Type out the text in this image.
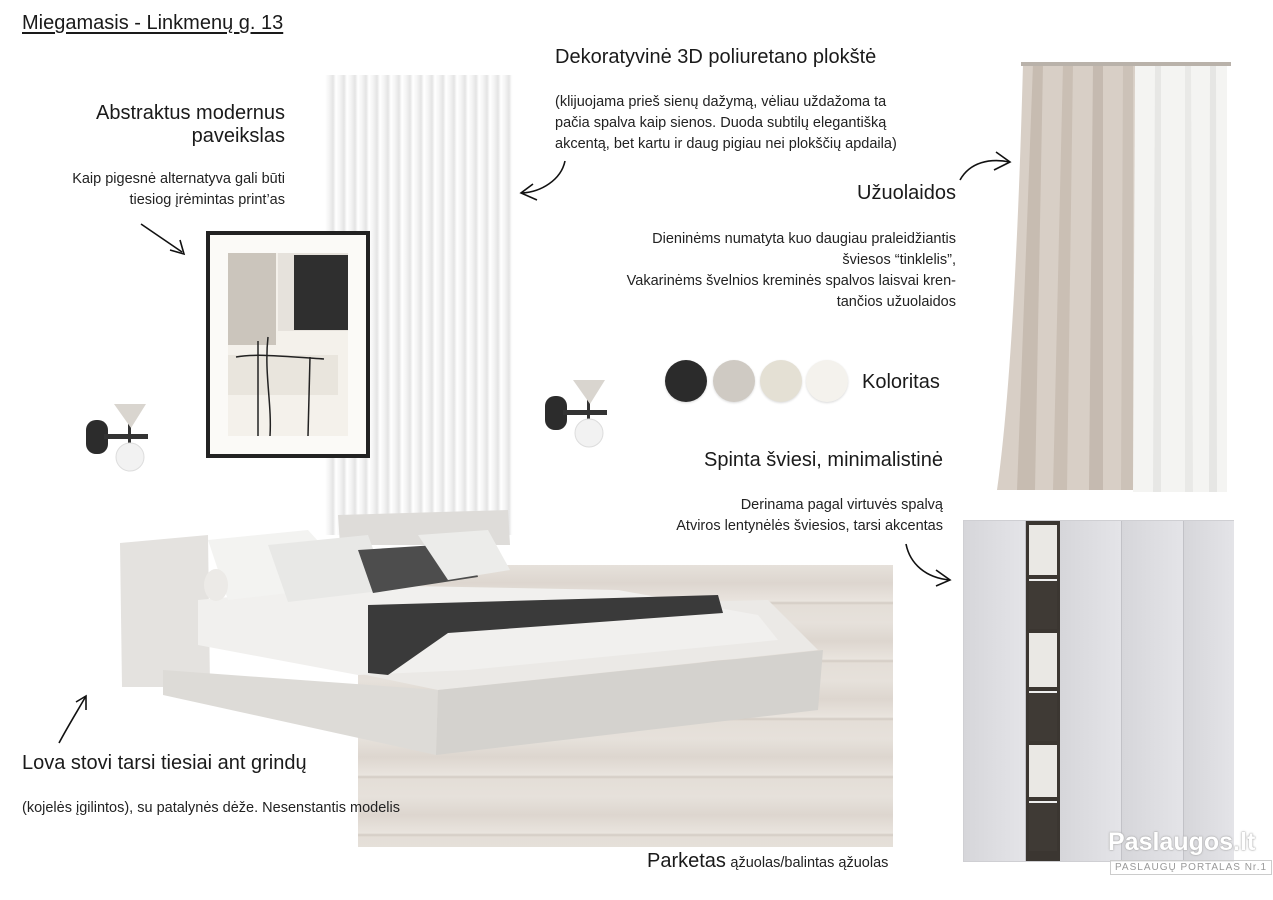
Miegamasis - Linkmenų g. 13
Abstraktus modernus
paveikslas
Kaip pigesnė alternatyva gali būti
tiesiog įrėmintas print’as
Dekoratyvinė 3D poliuretano plokštė
(klijuojama prieš sienų dažymą, vėliau uždažoma ta
pačia spalva kaip sienos. Duoda subtilų elegantišką
akcentą, bet kartu ir daug pigiau nei plokščių apdaila)
Užuolaidos
Dieninėms numatyta kuo daugiau praleidžiantis
šviesos “tinklelis”,
Vakarinėms švelnios kreminės spalvos laisvai kren-
tančios užuolaidos
Koloritas
Spinta šviesi, minimalistinė
Derinama pagal virtuvės spalvą
Atviros lentynėlės šviesios, tarsi akcentas
Lova stovi tarsi tiesiai ant grindų
(kojelės įgilintos), su patalynės dėže. Nesenstantis modelis
Parketas ąžuolas/balintas ąžuolas
Paslaugos.lt
PASLAUGŲ PORTALAS Nr.1
